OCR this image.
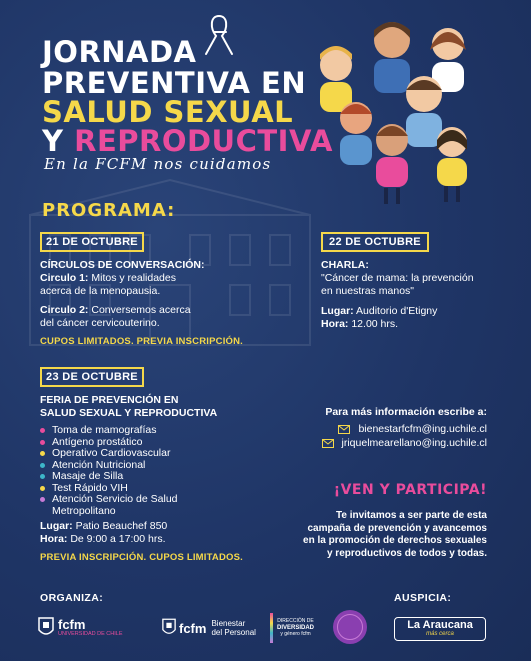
JORNADA
PREVENTIVA EN
SALUD SEXUAL
Y REPRODUCTIVA
En la FCFM nos cuidamos
PROGRAMA:
21 DE OCTUBRE
CÍRCULOS DE CONVERSACIÓN:
Circulo 1: Mitos y realidades
acerca de la menopausia.
Circulo 2: Conversemos acerca
del cáncer cervicouterino.
CUPOS LIMITADOS. PREVIA INSCRIPCIÓN.
22 DE OCTUBRE
CHARLA:
"Cáncer de mama: la prevención
en nuestras manos"
Lugar: Auditorio d'Etigny
Hora: 12.00 hrs.
23 DE OCTUBRE
FERIA DE PREVENCIÓN EN
SALUD SEXUAL Y REPRODUCTIVA
Toma de mamografías
Antígeno prostático
Operativo Cardiovascular
Atención Nutricional
Masaje de Silla
Test Rápido VIH
Atención Servicio de Salud
Metropolitano
Lugar: Patio Beauchef 850
Hora: De 9:00 a 17:00 hrs.
PREVIA INSCRIPCIÓN. CUPOS LIMITADOS.
Para más información escribe a:
bienestarfcfm@ing.uchile.cl
jriquelmearellano@ing.uchile.cl
¡VEN Y PARTICIPA!
Te invitamos a ser parte de esta
campaña de prevención y avancemos
en la promoción de derechos sexuales
y reproductivos de todos y todas.
ORGANIZA:	AUSPICIA:
fcfm
UNIVERSIDAD DE CHILE	fcfm Bienestar
del Personal
DIRECCIÓN DE
DIVERSIDAD
y género fcfm
La Araucana
más cerca
